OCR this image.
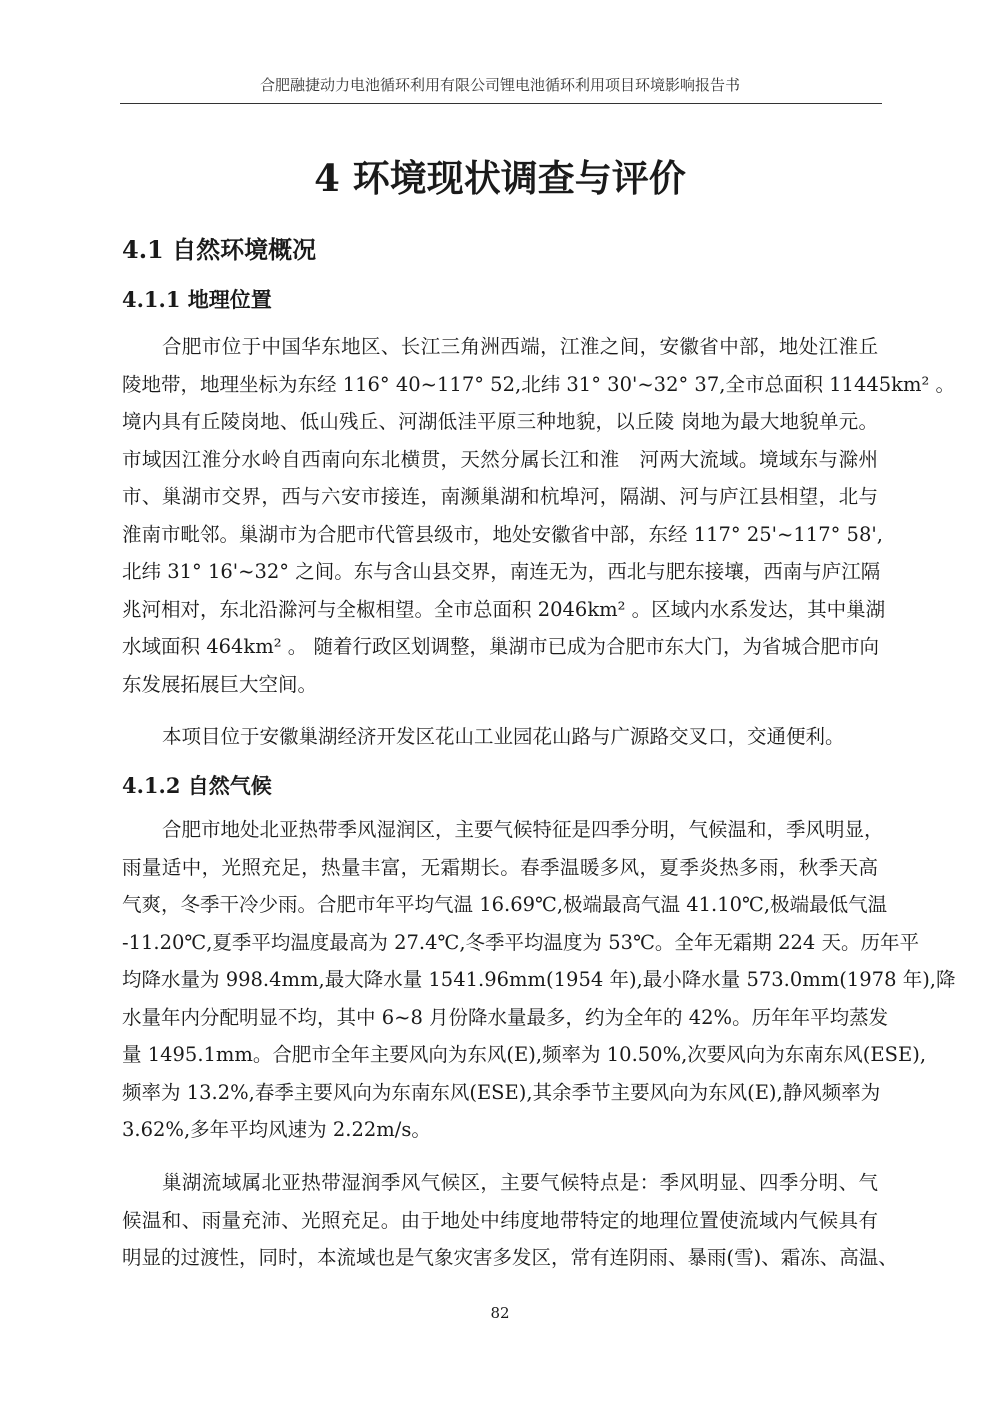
合肥融捷动力电池循环利用有限公司锂电池循环利用项目环境影响报告书
4 环境现状调查与评价
4.1 自然环境概况
4.1.1 地理位置
合肥市位于中国华东地区、长江三角洲西端，江淮之间，安徽省中部，地处江淮丘
陵地带，地理坐标为东经 116° 40~117° 52,北纬 31° 30'~32° 37,全市总面积 11445km² 。
境内具有丘陵岗地、低山残丘、河湖低洼平原三种地貌，以丘陵 岗地为最大地貌单元。
市域因江淮分水岭自西南向东北横贯，天然分属长江和淮　河两大流域。境域东与滁州
市、巢湖市交界，西与六安市接连，南濒巢湖和杭埠河，隔湖、河与庐江县相望，北与
淮南市毗邻。巢湖市为合肥市代管县级市，地处安徽省中部，东经 117° 25'~117° 58',
北纬 31° 16'~32° 之间。东与含山县交界，南连无为，西北与肥东接壤，西南与庐江隔
兆河相对，东北沿滁河与全椒相望。全市总面积 2046km² 。区域内水系发达，其中巢湖
水域面积 464km² 。 随着行政区划调整，巢湖市已成为合肥市东大门，为省城合肥市向
东发展拓展巨大空间。
本项目位于安徽巢湖经济开发区花山工业园花山路与广源路交叉口，交通便利。
4.1.2 自然气候
合肥市地处北亚热带季风湿润区，主要气候特征是四季分明，气候温和，季风明显，
雨量适中，光照充足，热量丰富，无霜期长。春季温暖多风，夏季炎热多雨，秋季天高
气爽，冬季干冷少雨。合肥市年平均气温 16.69℃,极端最高气温 41.10℃,极端最低气温
-11.20℃,夏季平均温度最高为 27.4℃,冬季平均温度为 53℃。全年无霜期 224 天。历年平
均降水量为 998.4mm,最大降水量 1541.96mm(1954 年),最小降水量 573.0mm(1978 年),降
水量年内分配明显不均，其中 6~8 月份降水量最多，约为全年的 42%。历年年平均蒸发
量 1495.1mm。合肥市全年主要风向为东风(E),频率为 10.50%,次要风向为东南东风(ESE),
频率为 13.2%,春季主要风向为东南东风(ESE),其余季节主要风向为东风(E),静风频率为
3.62%,多年平均风速为 2.22m/s。
巢湖流域属北亚热带湿润季风气候区，主要气候特点是：季风明显、四季分明、气
候温和、雨量充沛、光照充足。由于地处中纬度地带特定的地理位置使流域内气候具有
明显的过渡性，同时，本流域也是气象灾害多发区，常有连阴雨、暴雨(雪)、霜冻、高温、
82
